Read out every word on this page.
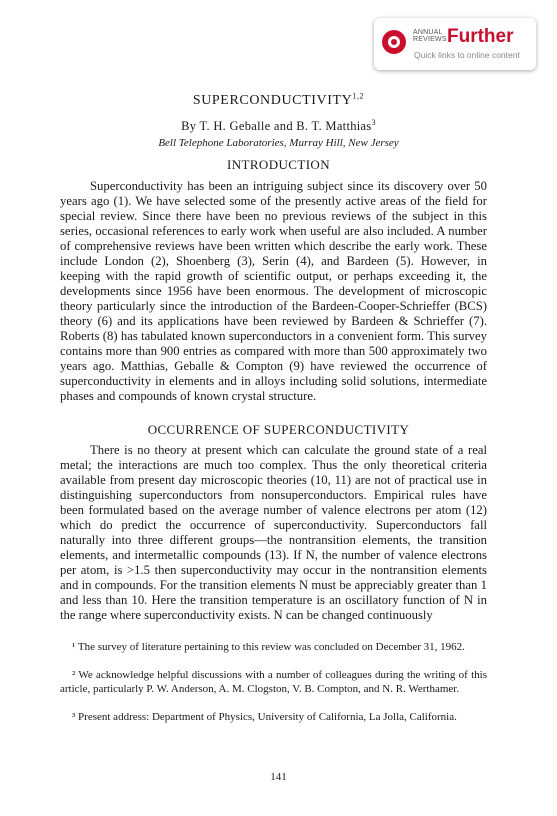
ANNUAL
REVIEWS Further
Quick links to online content
SUPERCONDUCTIVITY$^{1,2}$
By T. H. Geballe and B. T. Matthias$^3$
Bell Telephone Laboratories, Murray Hill, New Jersey
INTRODUCTION

Superconductivity has been an intriguing subject since its discovery over 50 years ago (1). We have selected some of the presently active areas of the field for special review. Since there have been no previous reviews of the subject in this series, occasional references to early work when useful are also included. A number of comprehensive reviews have been written which describe the early work. These include London (2), Shoenberg (3), Serin (4), and Bardeen (5). However, in keeping with the rapid growth of scientific output, or perhaps exceeding it, the developments since 1956 have been enormous. The development of microscopic theory particularly since the introduction of the Bardeen-Cooper-Schrieffer (BCS) theory (6) and its applications have been reviewed by Bardeen & Schrieffer (7). Roberts (8) has tabulated known superconductors in a convenient form. This survey contains more than 900 entries as compared with more than 500 approximately two years ago. Matthias, Geballe & Compton (9) have reviewed the occurrence of superconductivity in elements and in alloys including solid solutions, intermediate phases and compounds of known crystal structure.

OCCURRENCE OF SUPERCONDUCTIVITY

There is no theory at present which can calculate the ground state of a real metal; the interactions are much too complex. Thus the only theoretical criteria available from present day microscopic theories (10, 11) are not of practical use in distinguishing superconductors from nonsuperconductors. Empirical rules have been formulated based on the average number of valence electrons per atom (12) which do predict the occurrence of superconductivity. Superconductors fall naturally into three different groups—the nontransition elements, the transition elements, and intermetallic compounds (13). If N, the number of valence electrons per atom, is >1.5 then superconductivity may occur in the nontransition elements and in compounds. For the transition elements N must be appreciably greater than 1 and less than 10. Here the transition temperature is an oscillatory function of N in the range where superconductivity exists. N can be changed continuously

¹ The survey of literature pertaining to this review was concluded on December 31, 1962.

² We acknowledge helpful discussions with a number of colleagues during the writing of this article, particularly P. W. Anderson, A. M. Clogston, V. B. Compton, and N. R. Werthamer.

³ Present address: Department of Physics, University of California, La Jolla, California.

141
